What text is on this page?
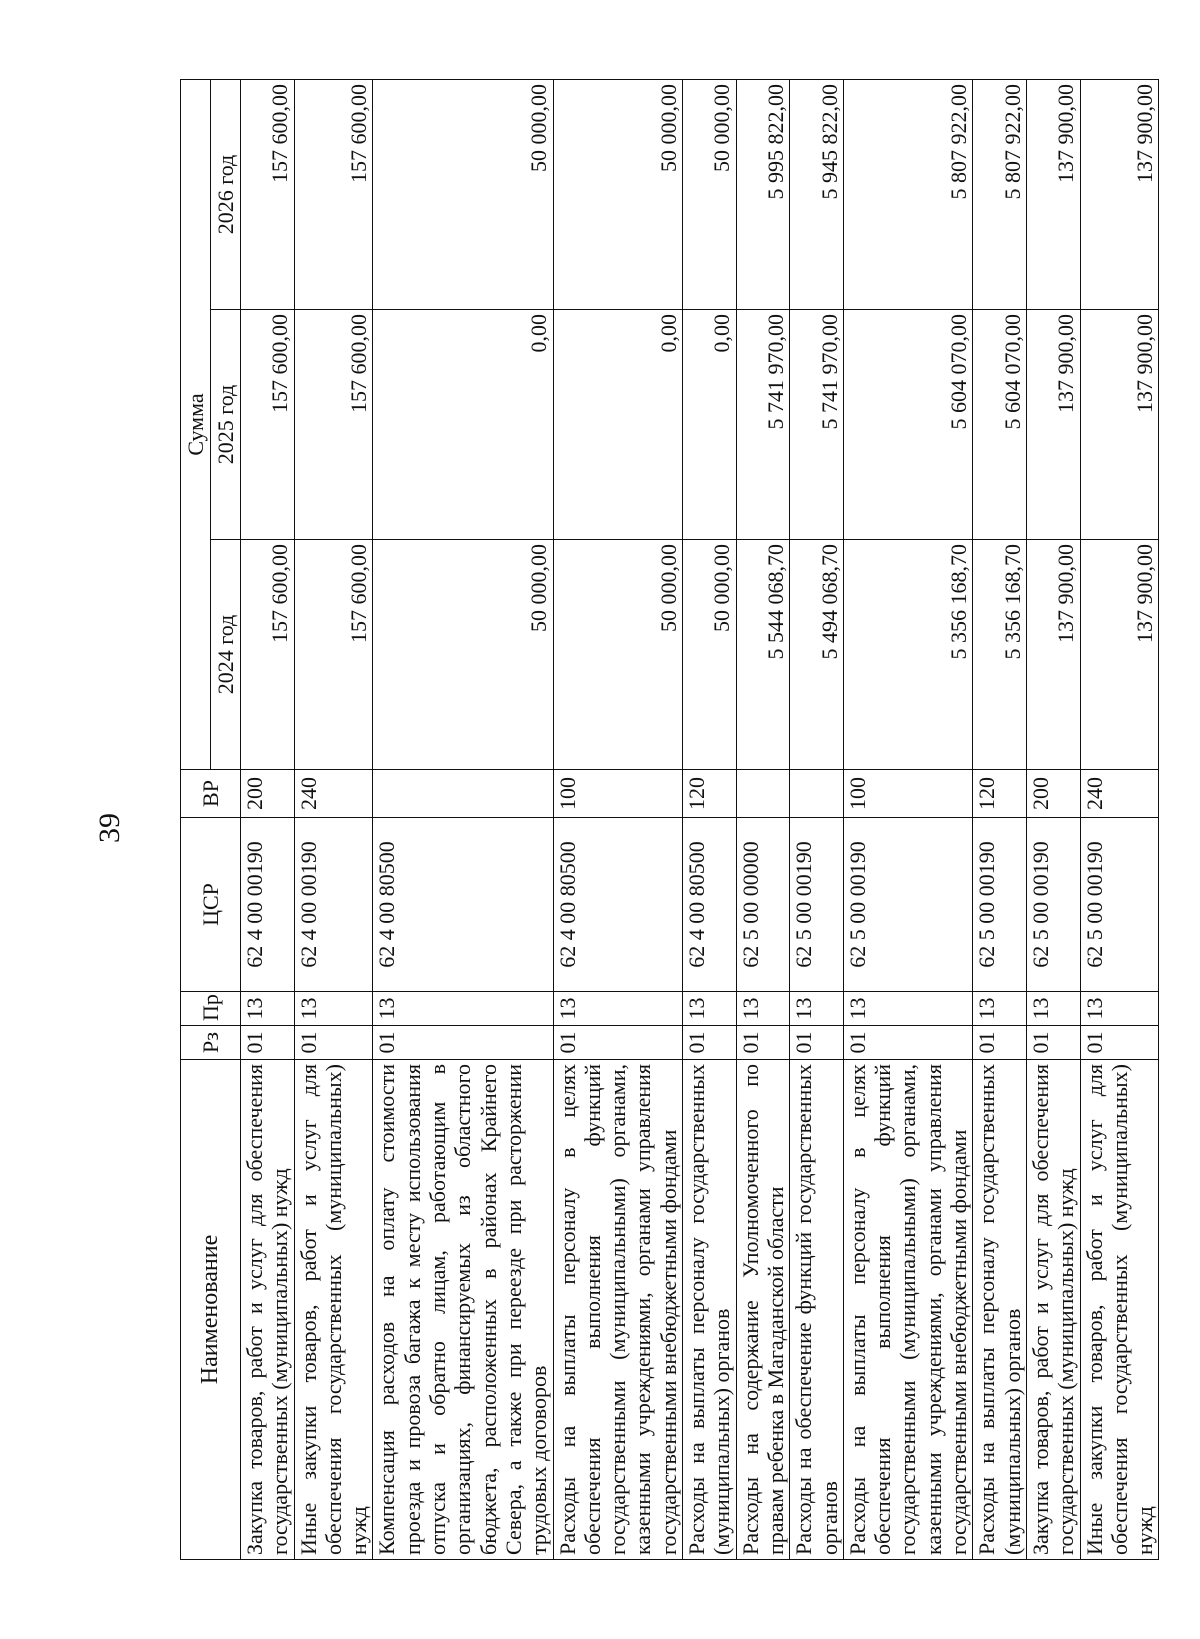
39
Наименование	Рз	Пр	ЦСР	ВР	Сумма		
					2024 год	2025 год	2026 год
Закупка товаров, работ и услуг для обеспечения государственных (муниципальных) нужд	01	13	62 4 00 00190	200	157 600,00	157 600,00	157 600,00
Иные закупки товаров, работ и услуг для обеспечения государственных (муниципальных) нужд	01	13	62 4 00 00190	240	157 600,00	157 600,00	157 600,00
Компенсация расходов на оплату стоимости проезда и провоза багажа к месту использования отпуска и обратно лицам, работающим в организациях, финансируемых из областного бюджета, расположенных в районах Крайнего Севера, а также при переезде при расторжении трудовых договоров	01	13	62 4 00 80500		50 000,00	0,00	50 000,00
Расходы на выплаты персоналу в целях обеспечения выполнения функций государственными (муниципальными) органами, казенными учреждениями, органами управления государственными внебюджетными фондами	01	13	62 4 00 80500	100	50 000,00	0,00	50 000,00
Расходы на выплаты персоналу государственных (муниципальных) органов	01	13	62 4 00 80500	120	50 000,00	0,00	50 000,00
Расходы на содержание Уполномоченного по правам ребенка в Магаданской области	01	13	62 5 00 00000		5 544 068,70	5 741 970,00	5 995 822,00
Расходы на обеспечение функций государственных органов	01	13	62 5 00 00190		5 494 068,70	5 741 970,00	5 945 822,00
Расходы на выплаты персоналу в целях обеспечения выполнения функций государственными (муниципальными) органами, казенными учреждениями, органами управления государственными внебюджетными фондами	01	13	62 5 00 00190	100	5 356 168,70	5 604 070,00	5 807 922,00
Расходы на выплаты персоналу государственных (муниципальных) органов	01	13	62 5 00 00190	120	5 356 168,70	5 604 070,00	5 807 922,00
Закупка товаров, работ и услуг для обеспечения государственных (муниципальных) нужд	01	13	62 5 00 00190	200	137 900,00	137 900,00	137 900,00
Иные закупки товаров, работ и услуг для обеспечения государственных (муниципальных) нужд	01	13	62 5 00 00190	240	137 900,00	137 900,00	137 900,00
